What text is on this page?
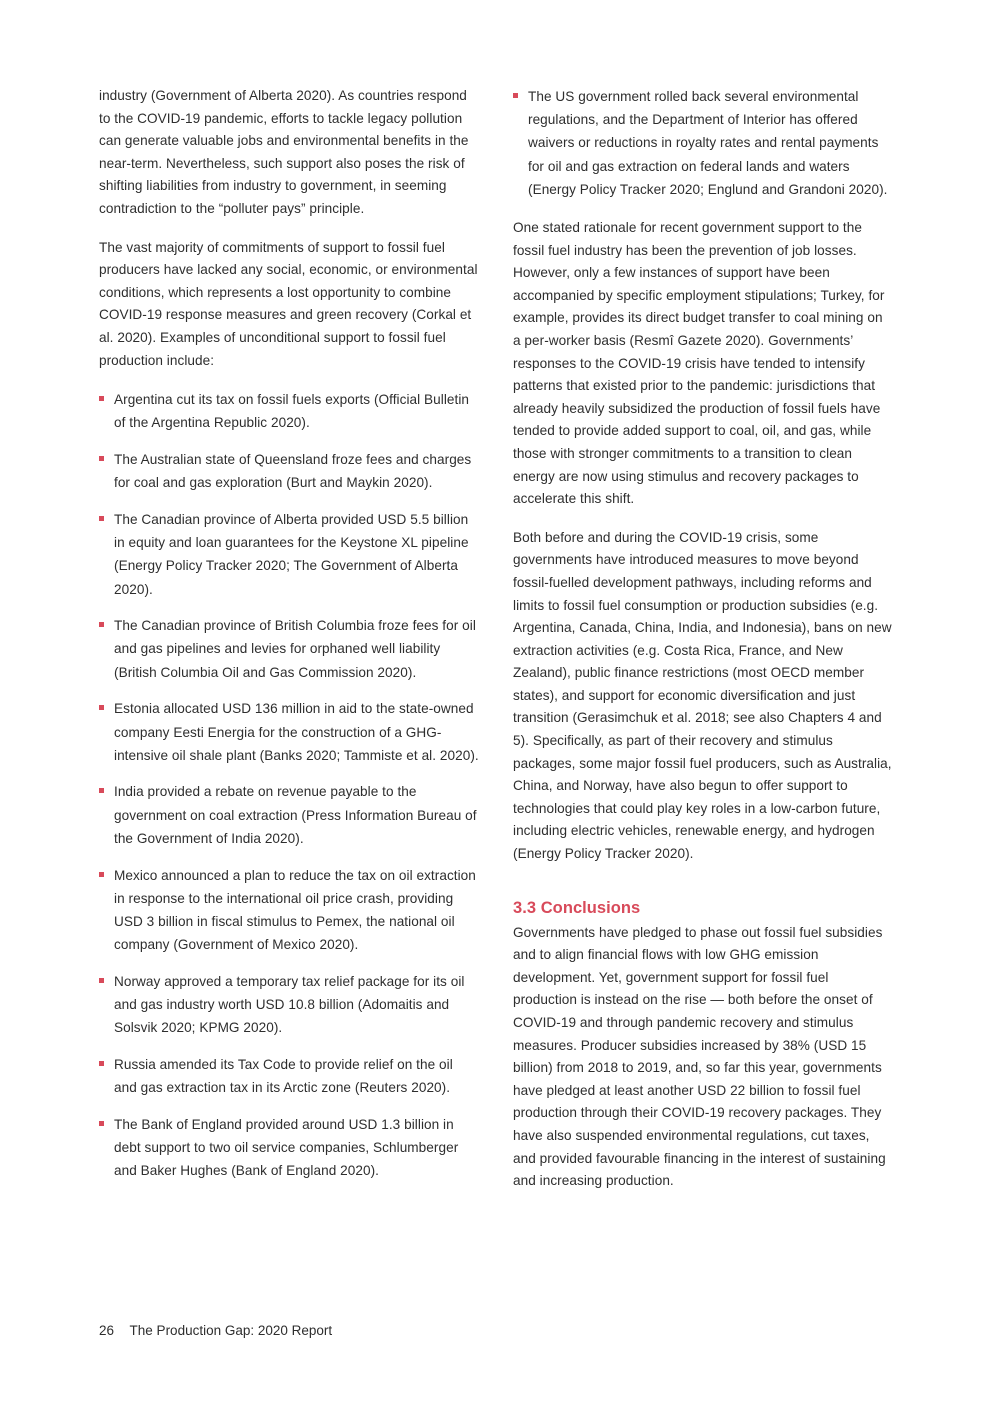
industry (Government of Alberta 2020). As countries respond to the COVID-19 pandemic, efforts to tackle legacy pollution can generate valuable jobs and environmental benefits in the near-term. Nevertheless, such support also poses the risk of shifting liabilities from industry to government, in seeming contradiction to the “polluter pays” principle.

The vast majority of commitments of support to fossil fuel producers have lacked any social, economic, or environmental conditions, which represents a lost opportunity to combine COVID-19 response measures and green recovery (Corkal et al. 2020). Examples of unconditional support to fossil fuel production include:

Argentina cut its tax on fossil fuels exports (Official Bulletin of the Argentina Republic 2020).
The Australian state of Queensland froze fees and charges for coal and gas exploration (Burt and Maykin 2020).
The Canadian province of Alberta provided USD 5.5 billion in equity and loan guarantees for the Keystone XL pipeline (Energy Policy Tracker 2020; The Government of Alberta 2020).
The Canadian province of British Columbia froze fees for oil and gas pipelines and levies for orphaned well liability (British Columbia Oil and Gas Commission 2020).
Estonia allocated USD 136 million in aid to the state-owned company Eesti Energia for the construction of a GHG-intensive oil shale plant (Banks 2020; Tammiste et al. 2020).
India provided a rebate on revenue payable to the government on coal extraction (Press Information Bureau of the Government of India 2020).
Mexico announced a plan to reduce the tax on oil extraction in response to the international oil price crash, providing USD 3 billion in fiscal stimulus to Pemex, the national oil company (Government of Mexico 2020).
Norway approved a temporary tax relief package for its oil and gas industry worth USD 10.8 billion (Adomaitis and Solsvik 2020; KPMG 2020).
Russia amended its Tax Code to provide relief on the oil and gas extraction tax in its Arctic zone (Reuters 2020).
The Bank of England provided around USD 1.3 billion in debt support to two oil service companies, Schlumberger and Baker Hughes (Bank of England 2020).
The US government rolled back several environmental regulations, and the Department of Interior has offered waivers or reductions in royalty rates and rental payments for oil and gas extraction on federal lands and waters (Energy Policy Tracker 2020; Englund and Grandoni 2020).

One stated rationale for recent government support to the fossil fuel industry has been the prevention of job losses. However, only a few instances of support have been accompanied by specific employment stipulations; Turkey, for example, provides its direct budget transfer to coal mining on a per-worker basis (Resmî Gazete 2020). Governments’ responses to the COVID-19 crisis have tended to intensify patterns that existed prior to the pandemic: jurisdictions that already heavily subsidized the production of fossil fuels have tended to provide added support to coal, oil, and gas, while those with stronger commitments to a transition to clean energy are now using stimulus and recovery packages to accelerate this shift.

Both before and during the COVID-19 crisis, some governments have introduced measures to move beyond fossil-fuelled development pathways, including reforms and limits to fossil fuel consumption or production subsidies (e.g. Argentina, Canada, China, India, and Indonesia), bans on new extraction activities (e.g. Costa Rica, France, and New Zealand), public finance restrictions (most OECD member states), and support for economic diversification and just transition (Gerasimchuk et al. 2018; see also Chapters 4 and 5). Specifically, as part of their recovery and stimulus packages, some major fossil fuel producers, such as Australia, China, and Norway, have also begun to offer support to technologies that could play key roles in a low-carbon future, including electric vehicles, renewable energy, and hydrogen (Energy Policy Tracker 2020).

3.3 Conclusions

Governments have pledged to phase out fossil fuel subsidies and to align financial flows with low GHG emission development. Yet, government support for fossil fuel production is instead on the rise — both before the onset of COVID-19 and through pandemic recovery and stimulus measures. Producer subsidies increased by 38% (USD 15 billion) from 2018 to 2019, and, so far this year, governments have pledged at least another USD 22 billion to fossil fuel production through their COVID-19 recovery packages. They have also suspended environmental regulations, cut taxes, and provided favourable financing in the interest of sustaining and increasing production.

26 The Production Gap: 2020 Report
